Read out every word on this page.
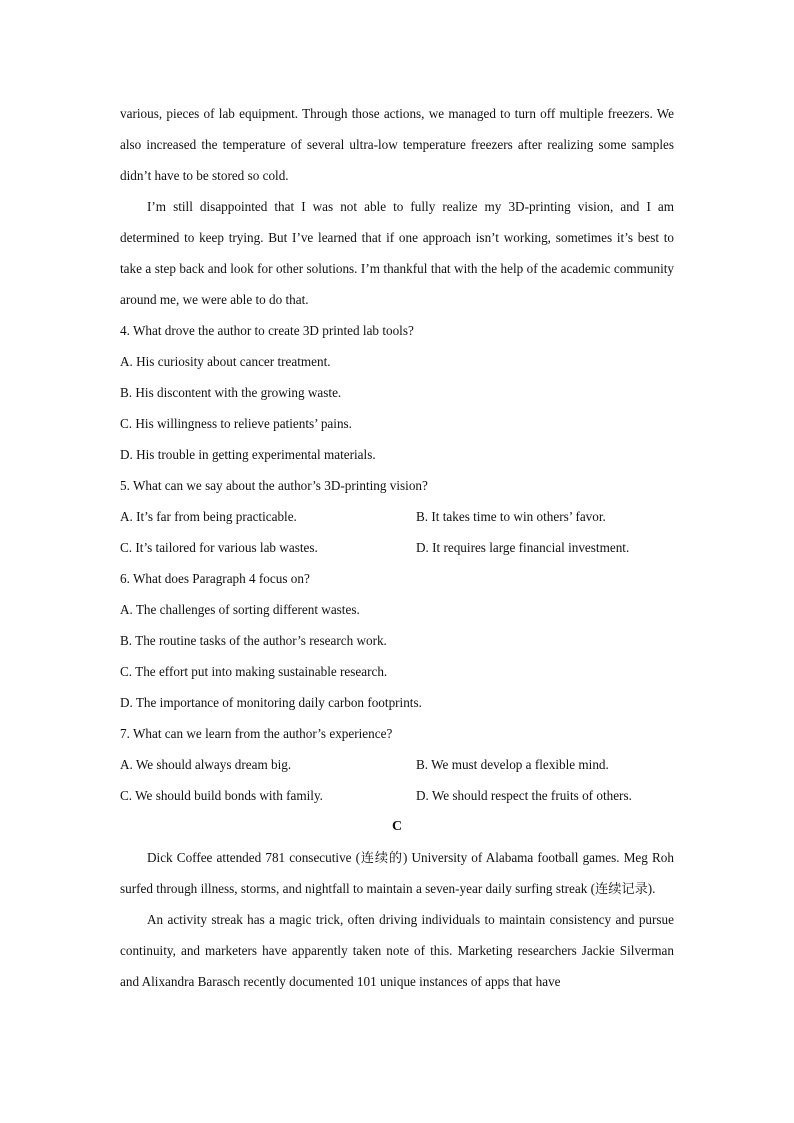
various, pieces of lab equipment. Through those actions, we managed to turn off multiple freezers. We also increased the temperature of several ultra-low temperature freezers after realizing some samples didn’t have to be stored so cold.

I’m still disappointed that I was not able to fully realize my 3D-printing vision, and I am determined to keep trying. But I’ve learned that if one approach isn’t working, sometimes it’s best to take a step back and look for other solutions. I’m thankful that with the help of the academic community around me, we were able to do that.

4. What drove the author to create 3D printed lab tools?
A. His curiosity about cancer treatment.
B. His discontent with the growing waste.
C. His willingness to relieve patients’ pains.
D. His trouble in getting experimental materials.
5. What can we say about the author’s 3D-printing vision?
A. It’s far from being practicable.	B. It takes time to win others’ favor.
C. It’s tailored for various lab wastes.	D. It requires large financial investment.
6. What does Paragraph 4 focus on?
A. The challenges of sorting different wastes.
B. The routine tasks of the author’s research work.
C. The effort put into making sustainable research.
D. The importance of monitoring daily carbon footprints.
7. What can we learn from the author’s experience?
A. We should always dream big.	B. We must develop a flexible mind.
C. We should build bonds with family.	D. We should respect the fruits of others.
C

Dick Coffee attended 781 consecutive (连续的) University of Alabama football games. Meg Roh surfed through illness, storms, and nightfall to maintain a seven-year daily surfing streak (连续记录).

An activity streak has a magic trick, often driving individuals to maintain consistency and pursue continuity, and marketers have apparently taken note of this. Marketing researchers Jackie Silverman and Alixandra Barasch recently documented 101 unique instances of apps that have
